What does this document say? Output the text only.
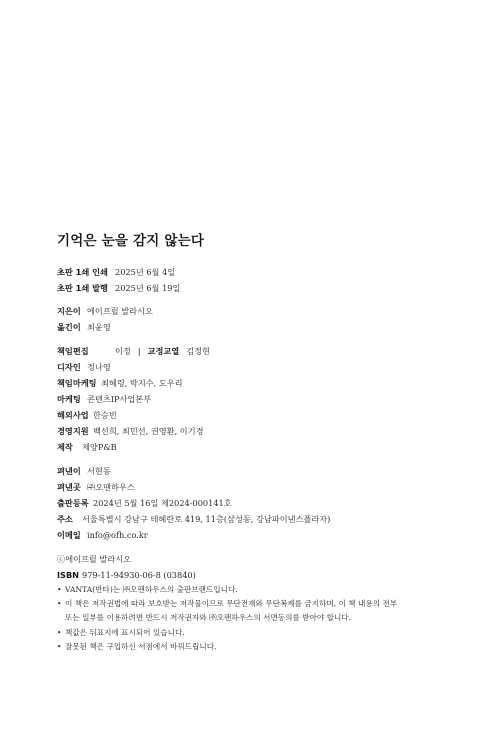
기억은 눈을 감지 않는다
초판 1쇄 인쇄 2025년 6월 4일
초판 1쇄 발행 2025년 6월 19일
지은이 에이프릴 발라시오
옮긴이 최윤영
책임편집	이정 | 교정교열 김정현
디자인 정나영
책임마케팅 최혜령, 박지수, 도우리
마케팅 콘텐츠IP사업본부
해외사업 한승빈
경영지원 백선희, 최민선, 권영환, 이기경
제작 제양P&B
펴낸이 서현동
펴낸곳 ㈜오팬하우스
출판등록 2024년 5월 16일 제2024-000141호
주소 서울특별시 강남구 테헤란로 419, 11층(삼성동, 강남파이낸스플라자)
이메일 info@ofh.co.kr
ⓒ에이프릴 발라시오
ISBN 979-11-94930-06-8 (03840)
• VANTA(반타)는 ㈜오팬하우스의 출판브랜드입니다.
• 이 책은 저작권법에 따라 보호받는 저작물이므로 무단전재와 무단복제를 금지하며, 이 책 내용의 전부
또는 일부를 이용하려면 반드시 저작권자와 ㈜오팬하우스의 서면동의를 받아야 합니다.
• 책값은 뒤표지에 표시되어 있습니다.
• 잘못된 책은 구입하신 서점에서 바꿔드립니다.
